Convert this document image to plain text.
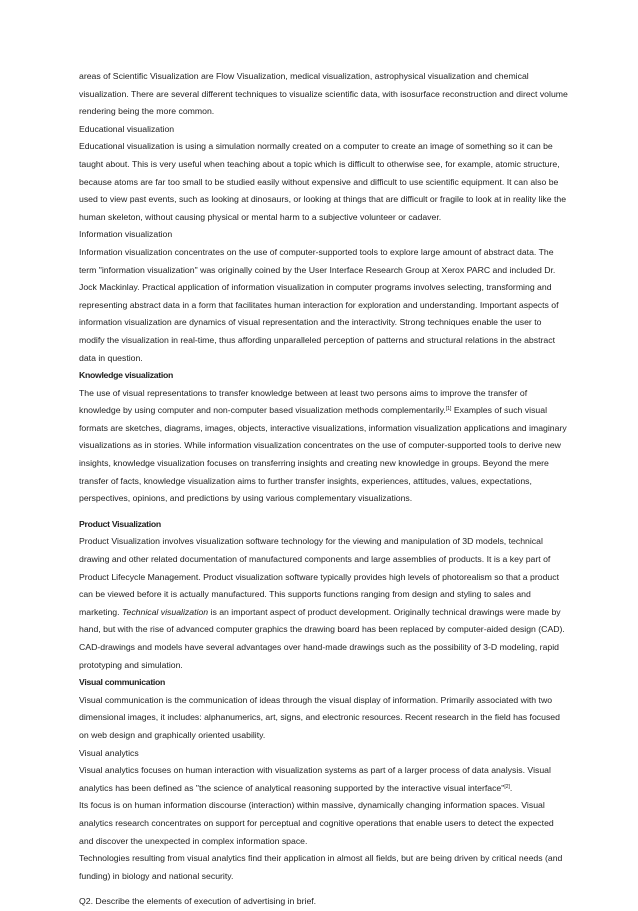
areas of Scientific Visualization are Flow Visualization, medical visualization, astrophysical visualization and chemical
visualization. There are several different techniques to visualize scientific data, with isosurface reconstruction and direct volume
rendering being the more common.
Educational visualization
Educational visualization is using a simulation normally created on a computer to create an image of something so it can be
taught about. This is very useful when teaching about a topic which is difficult to otherwise see, for example, atomic structure,
because atoms are far too small to be studied easily without expensive and difficult to use scientific equipment. It can also be
used to view past events, such as looking at dinosaurs, or looking at things that are difficult or fragile to look at in reality like the
human skeleton, without causing physical or mental harm to a subjective volunteer or cadaver.
Information visualization
Information visualization concentrates on the use of computer-supported tools to explore large amount of abstract data. The
term "information visualization" was originally coined by the User Interface Research Group at Xerox PARC and included Dr.
Jock Mackinlay. Practical application of information visualization in computer programs involves selecting, transforming and
representing abstract data in a form that facilitates human interaction for exploration and understanding. Important aspects of
information visualization are dynamics of visual representation and the interactivity. Strong techniques enable the user to
modify the visualization in real-time, thus affording unparalleled perception of patterns and structural relations in the abstract
data in question.
Knowledge visualization
The use of visual representations to transfer knowledge between at least two persons aims to improve the transfer of
knowledge by using computer and non-computer based visualization methods complementarily.[1] Examples of such visual
formats are sketches, diagrams, images, objects, interactive visualizations, information visualization applications and imaginary
visualizations as in stories. While information visualization concentrates on the use of computer-supported tools to derive new
insights, knowledge visualization focuses on transferring insights and creating new knowledge in groups. Beyond the mere
transfer of facts, knowledge visualization aims to further transfer insights, experiences, attitudes, values, expectations,
perspectives, opinions, and predictions by using various complementary visualizations.
Product Visualization
Product Visualization involves visualization software technology for the viewing and manipulation of 3D models, technical
drawing and other related documentation of manufactured components and large assemblies of products. It is a key part of
Product Lifecycle Management. Product visualization software typically provides high levels of photorealism so that a product
can be viewed before it is actually manufactured. This supports functions ranging from design and styling to sales and
marketing. Technical visualization is an important aspect of product development. Originally technical drawings were made by
hand, but with the rise of advanced computer graphics the drawing board has been replaced by computer-aided design (CAD).
CAD-drawings and models have several advantages over hand-made drawings such as the possibility of 3-D modeling, rapid
prototyping and simulation.
Visual communication
Visual communication is the communication of ideas through the visual display of information. Primarily associated with two
dimensional images, it includes: alphanumerics, art, signs, and electronic resources. Recent research in the field has focused
on web design and graphically oriented usability.
Visual analytics
Visual analytics focuses on human interaction with visualization systems as part of a larger process of data analysis. Visual
analytics has been defined as "the science of analytical reasoning supported by the interactive visual interface"[2].
Its focus is on human information discourse (interaction) within massive, dynamically changing information spaces. Visual
analytics research concentrates on support for perceptual and cognitive operations that enable users to detect the expected
and discover the unexpected in complex information space.
Technologies resulting from visual analytics find their application in almost all fields, but are being driven by critical needs (and
funding) in biology and national security.
Q2. Describe the elements of execution of advertising in brief.
